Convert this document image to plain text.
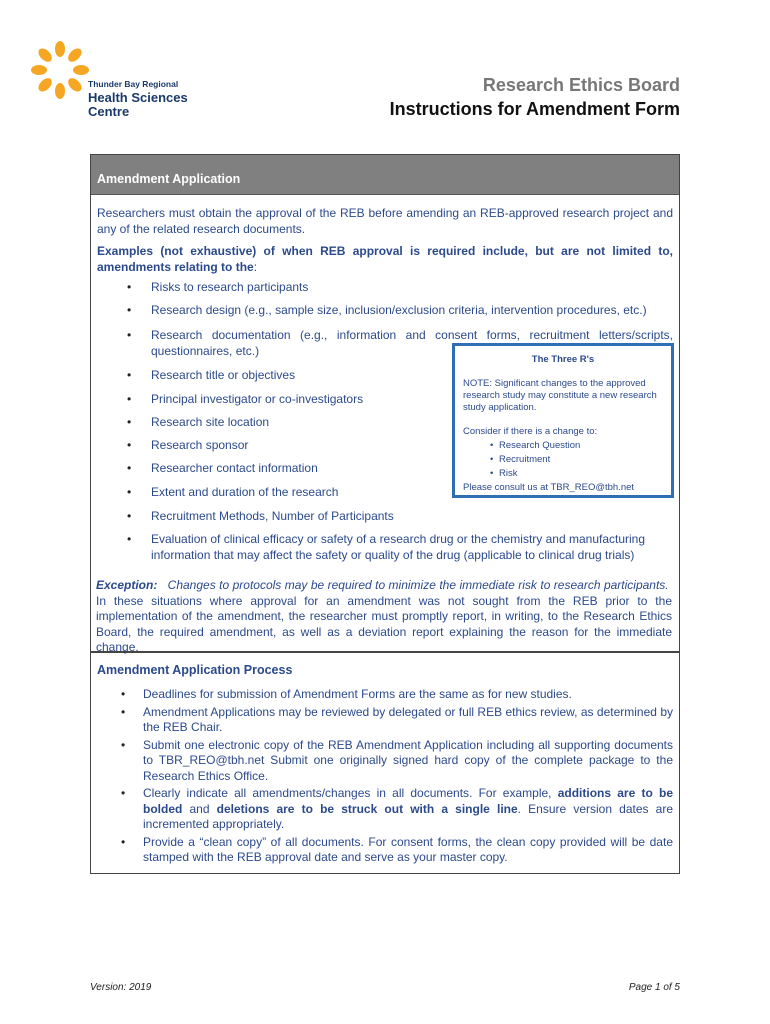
Thunder Bay Regional
Health Sciences
Centre
Research Ethics Board
Instructions for Amendment Form
Amendment Application
Researchers must obtain the approval of the REB before amending an REB-approved research project and any of the related research documents.
Examples (not exhaustive) of when REB approval is required include, but are not limited to, amendments relating to the:
• Risks to research participants
• Research design (e.g., sample size, inclusion/exclusion criteria, intervention procedures, etc.)
• Research documentation (e.g., information and consent forms, recruitment letters/scripts, questionnaires, etc.)
• Research title or objectives
• Principal investigator or co-investigators
• Research site location
• Research sponsor
• Researcher contact information
• Extent and duration of the research
• Recruitment Methods, Number of Participants
• Evaluation of clinical efficacy or safety of a research drug or the chemistry and manufacturing information that may affect the safety or quality of the drug (applicable to clinical drug trials)
The Three R's
NOTE: Significant changes to the approved research study may constitute a new research study application.
Consider if there is a change to:
• Research Question
• Recruitment
• Risk
Please consult us at TBR_REO@tbh.net
Exception: Changes to protocols may be required to minimize the immediate risk to research participants.  In these situations where approval for an amendment was not sought from the REB prior to the implementation of the amendment, the researcher must promptly report, in writing, to the Research Ethics Board, the required amendment, as well as a deviation report explaining the reason for the immediate change.
Amendment Application Process
• Deadlines for submission of Amendment Forms are the same as for new studies.
• Amendment Applications may be reviewed by delegated or full REB ethics review, as determined by the REB Chair.
• Submit one electronic copy of the REB Amendment Application including all supporting documents to TBR_REO@tbh.net Submit one originally signed hard copy of the complete package to the Research Ethics Office.
• Clearly indicate all amendments/changes in all documents. For example, additions are to be bolded and deletions are to be struck out with a single line. Ensure version dates are incremented appropriately.
• Provide a “clean copy” of all documents. For consent forms, the clean copy provided will be date stamped with the REB approval date and serve as your master copy.
Version: 2019	Page 1 of 5
